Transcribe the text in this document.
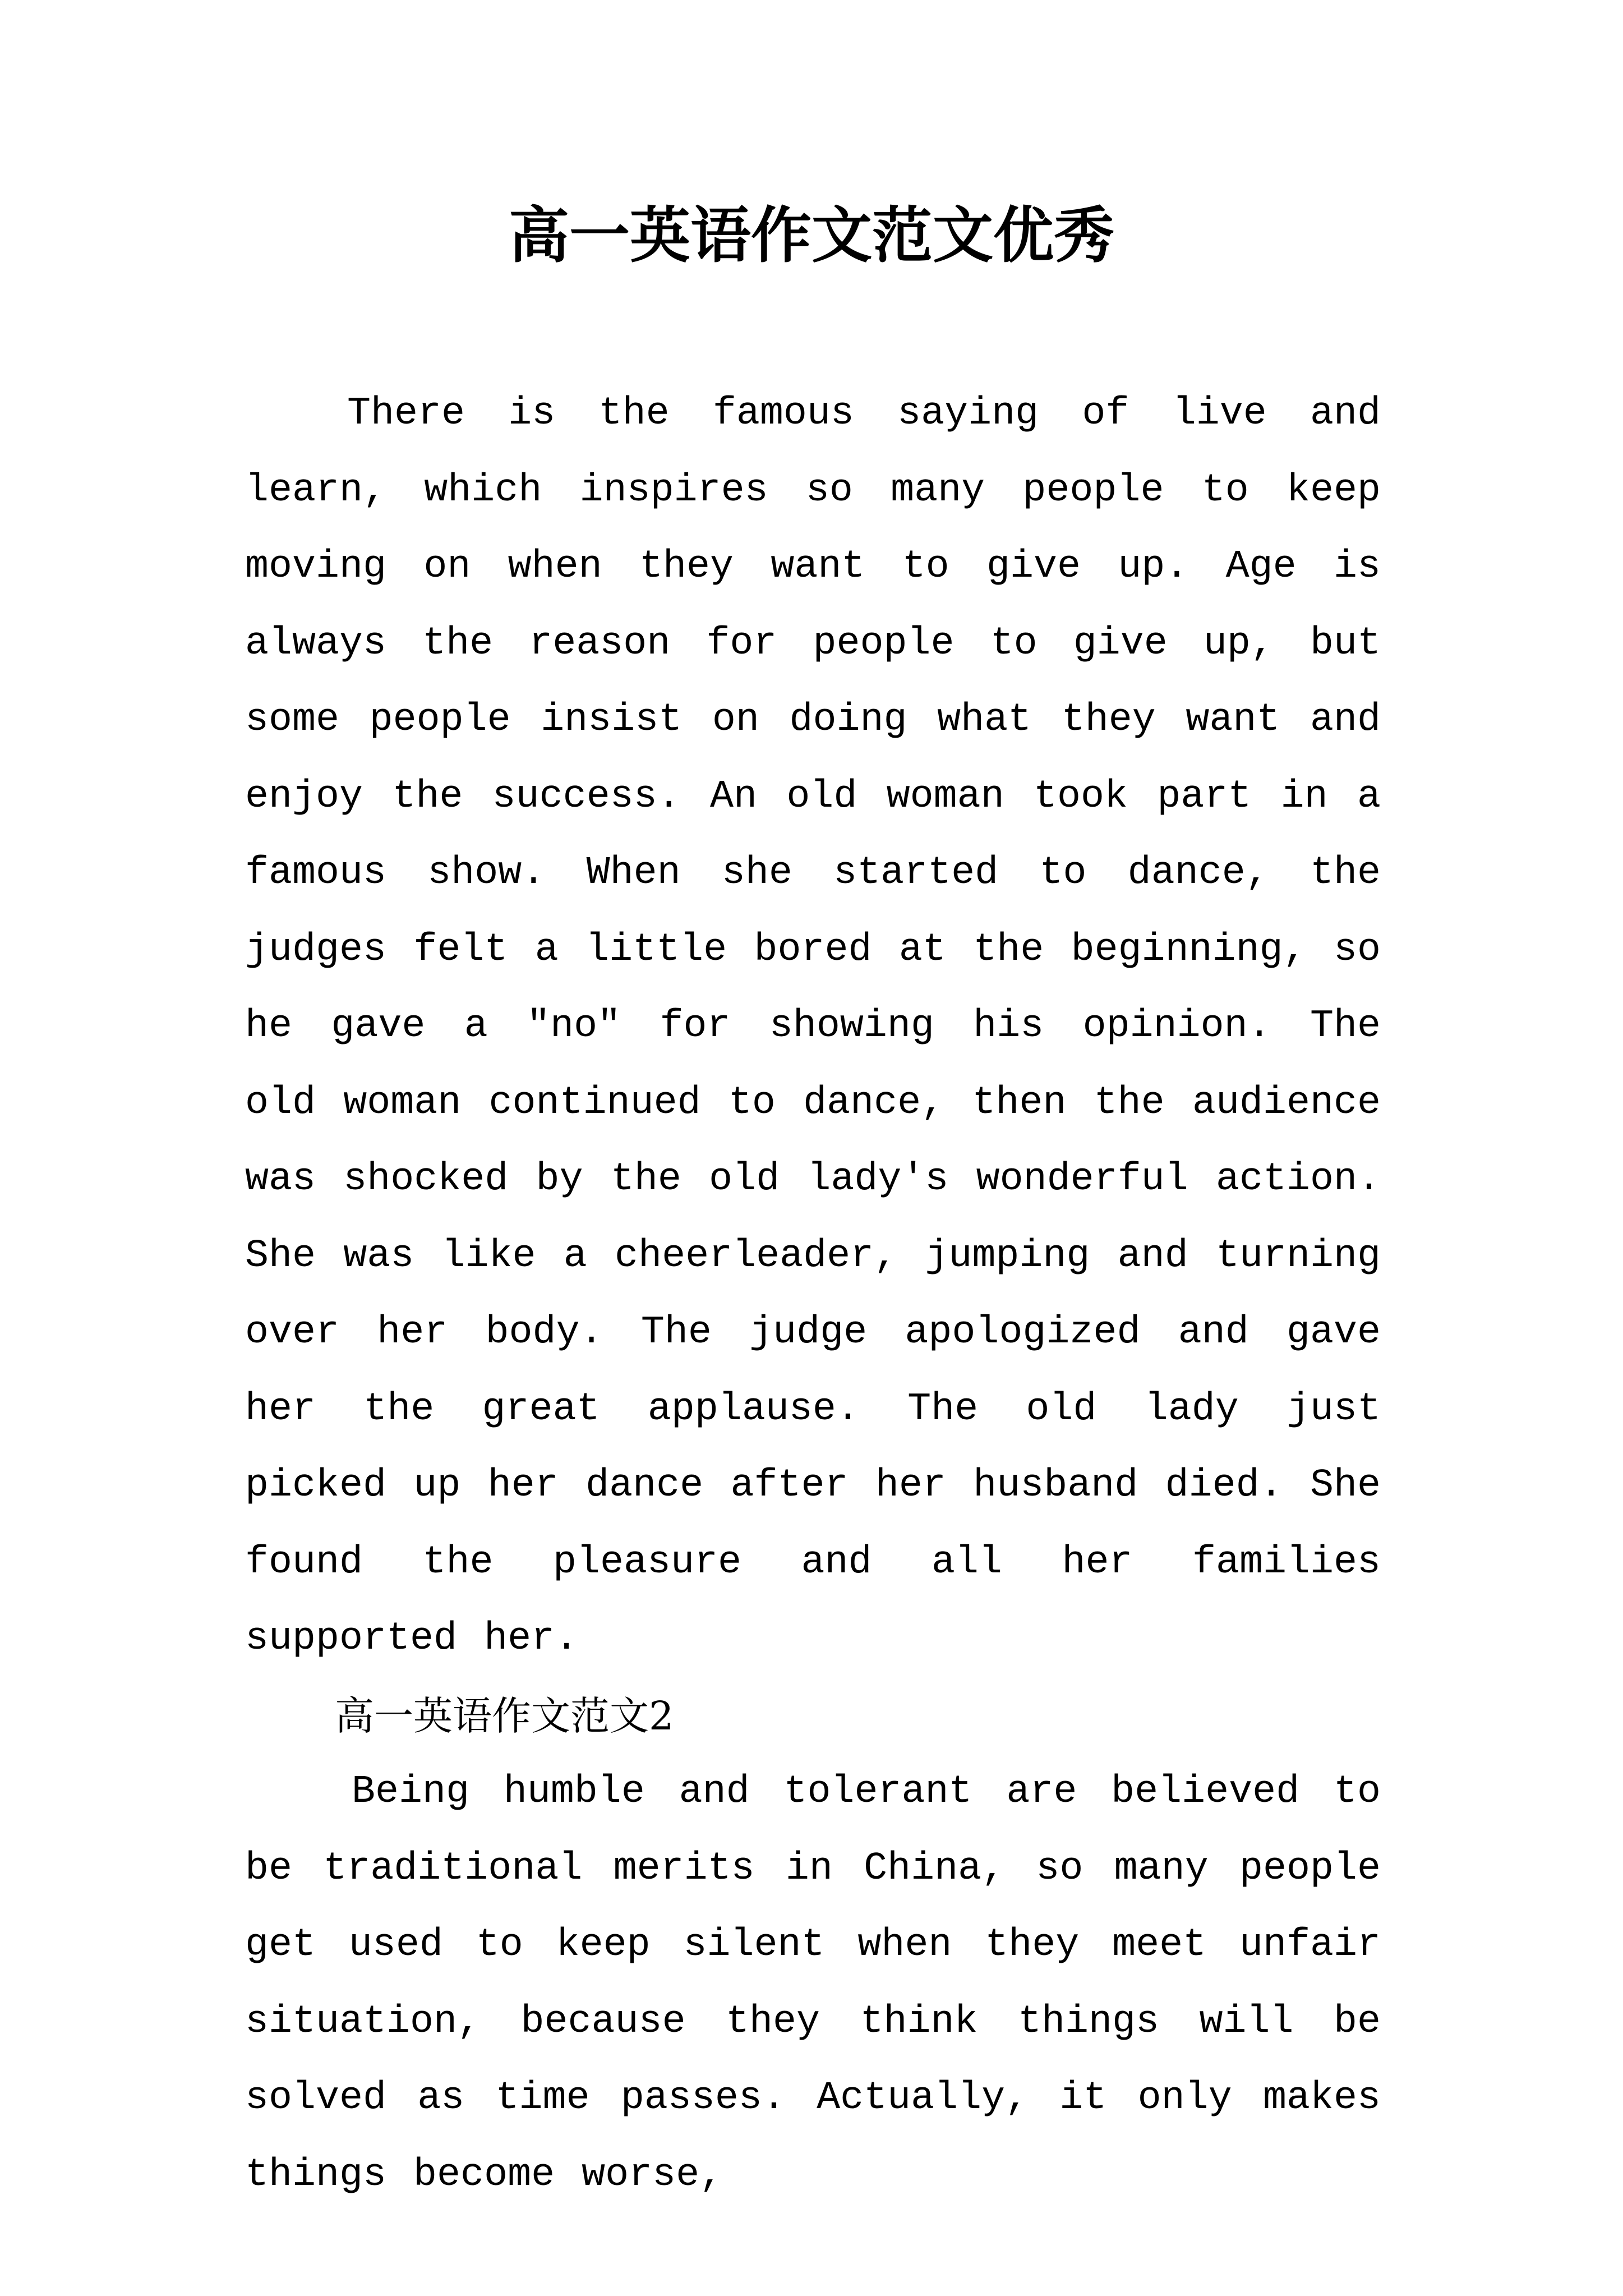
高一英语作文范文优秀

There is the famous saying of live and learn, which inspires so many people to keep moving on when they want to give up. Age is always the reason for people to give up, but some people insist on doing what they want and enjoy the success. An old woman took part in a famous show. When she started to dance, the judges felt a little bored at the beginning, so he gave a "no" for showing his opinion. The old woman continued to dance, then the audience was shocked by the old lady's wonderful action. She was like a cheerleader, jumping and turning over her body. The judge apologized and gave her the great applause. The old lady just picked up her dance after her husband died. She found the pleasure and all her families supported her.

高一英语作文范文2

Being humble and tolerant are believed to be traditional merits in China, so many people get used to keep silent when they meet unfair situation, because they think things will be solved as time passes. Actually, it only makes things become worse,
